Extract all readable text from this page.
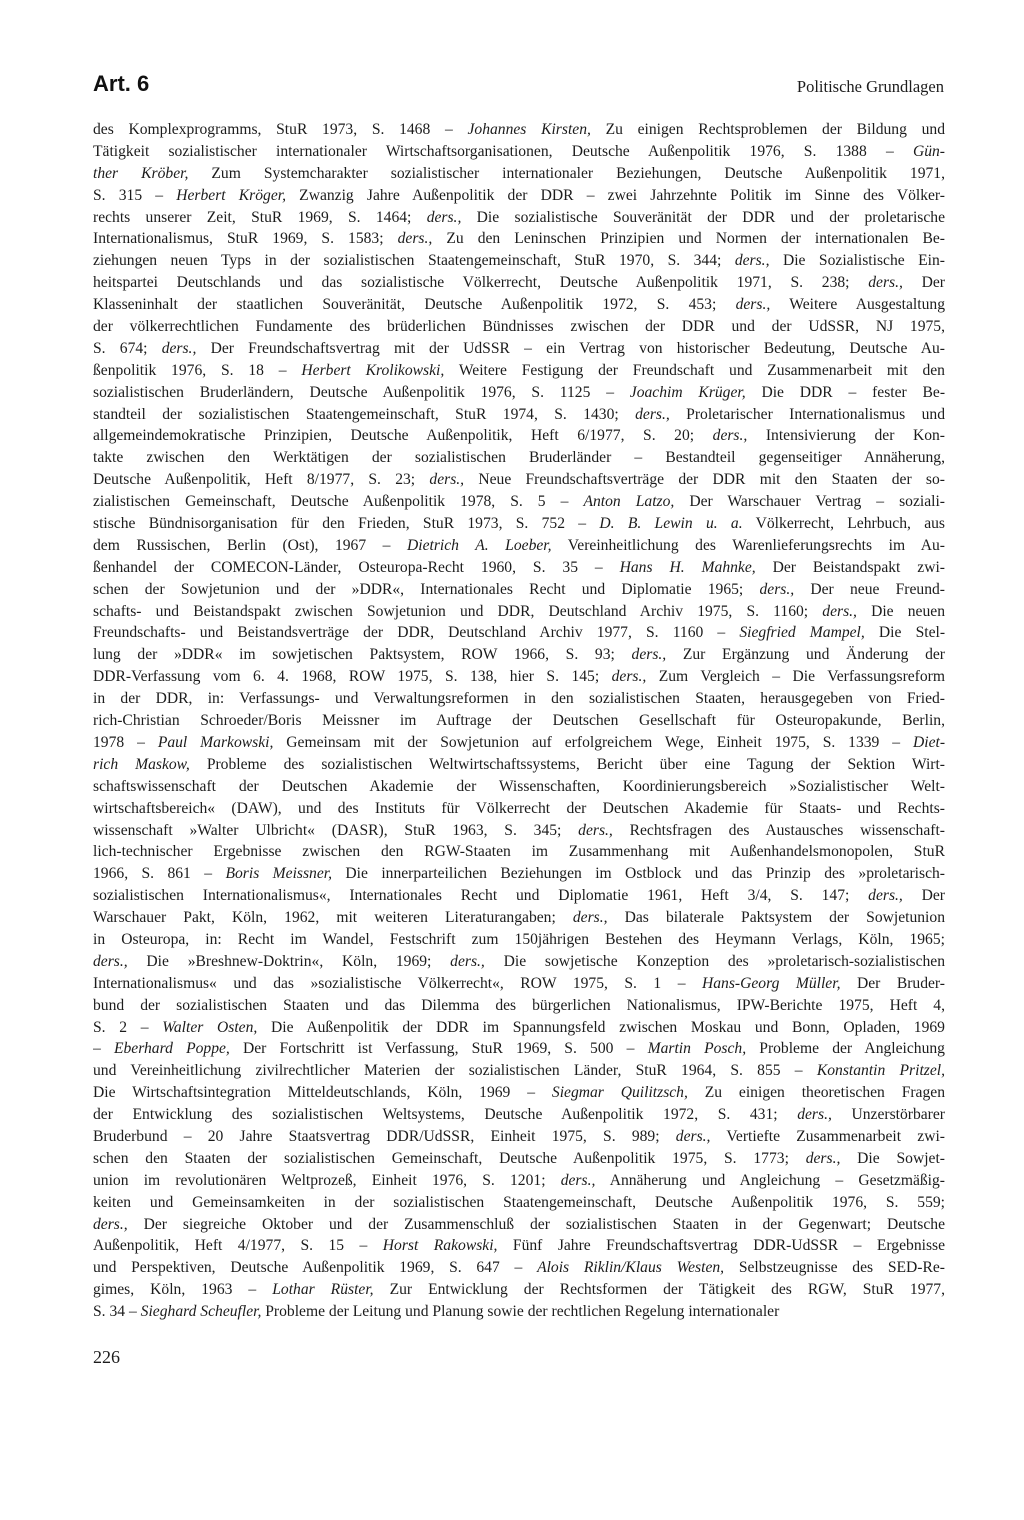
Art. 6	Politische Grundlagen
des Komplexprogramms, StuR 1973, S. 1468 – Johannes Kirsten, Zu einigen Rechtsproblemen der Bildung und
Tätigkeit sozialistischer internationaler Wirtschaftsorganisationen, Deutsche Außenpolitik 1976, S. 1388 – Gün-
ther Kröber, Zum Systemcharakter sozialistischer internationaler Beziehungen, Deutsche Außenpolitik 1971,
S. 315 – Herbert Kröger, Zwanzig Jahre Außenpolitik der DDR – zwei Jahrzehnte Politik im Sinne des Völker-
rechts unserer Zeit, StuR 1969, S. 1464; ders., Die sozialistische Souveränität der DDR und der proletarische
Internationalismus, StuR 1969, S. 1583; ders., Zu den Leninschen Prinzipien und Normen der internationalen Be-
ziehungen neuen Typs in der sozialistischen Staatengemeinschaft, StuR 1970, S. 344; ders., Die Sozialistische Ein-
heitspartei Deutschlands und das sozialistische Völkerrecht, Deutsche Außenpolitik 1971, S. 238; ders., Der
Klasseninhalt der staatlichen Souveränität, Deutsche Außenpolitik 1972, S. 453; ders., Weitere Ausgestaltung
der völkerrechtlichen Fundamente des brüderlichen Bündnisses zwischen der DDR und der UdSSR, NJ 1975,
S. 674; ders., Der Freundschaftsvertrag mit der UdSSR – ein Vertrag von historischer Bedeutung, Deutsche Au-
ßenpolitik 1976, S. 18 – Herbert Krolikowski, Weitere Festigung der Freundschaft und Zusammenarbeit mit den
sozialistischen Bruderländern, Deutsche Außenpolitik 1976, S. 1125 – Joachim Krüger, Die DDR – fester Be-
standteil der sozialistischen Staatengemeinschaft, StuR 1974, S. 1430; ders., Proletarischer Internationalismus und
allgemeindemokratische Prinzipien, Deutsche Außenpolitik, Heft 6/1977, S. 20; ders., Intensivierung der Kon-
takte zwischen den Werktätigen der sozialistischen Bruderländer – Bestandteil gegenseitiger Annäherung,
Deutsche Außenpolitik, Heft 8/1977, S. 23; ders., Neue Freundschaftsverträge der DDR mit den Staaten der so-
zialistischen Gemeinschaft, Deutsche Außenpolitik 1978, S. 5 – Anton Latzo, Der Warschauer Vertrag – soziali-
stische Bündnisorganisation für den Frieden, StuR 1973, S. 752 – D. B. Lewin u. a. Völkerrecht, Lehrbuch, aus
dem Russischen, Berlin (Ost), 1967 – Dietrich A. Loeber, Vereinheitlichung des Warenlieferungsrechts im Au-
ßenhandel der COMECON-Länder, Osteuropa-Recht 1960, S. 35 – Hans H. Mahnke, Der Beistandspakt zwi-
schen der Sowjetunion und der »DDR«, Internationales Recht und Diplomatie 1965; ders., Der neue Freund-
schafts- und Beistandspakt zwischen Sowjetunion und DDR, Deutschland Archiv 1975, S. 1160; ders., Die neuen
Freundschafts- und Beistandsverträge der DDR, Deutschland Archiv 1977, S. 1160 – Siegfried Mampel, Die Stel-
lung der »DDR« im sowjetischen Paktsystem, ROW 1966, S. 93; ders., Zur Ergänzung und Änderung der
DDR-Verfassung vom 6. 4. 1968, ROW 1975, S. 138, hier S. 145; ders., Zum Vergleich – Die Verfassungsreform
in der DDR, in: Verfassungs- und Verwaltungsreformen in den sozialistischen Staaten, herausgegeben von Fried-
rich-Christian Schroeder/Boris Meissner im Auftrage der Deutschen Gesellschaft für Osteuropakunde, Berlin,
1978 – Paul Markowski, Gemeinsam mit der Sowjetunion auf erfolgreichem Wege, Einheit 1975, S. 1339 – Diet-
rich Maskow, Probleme des sozialistischen Weltwirtschaftssystems, Bericht über eine Tagung der Sektion Wirt-
schaftswissenschaft der Deutschen Akademie der Wissenschaften, Koordinierungsbereich »Sozialistischer Welt-
wirtschaftsbereich« (DAW), und des Instituts für Völkerrecht der Deutschen Akademie für Staats- und Rechts-
wissenschaft »Walter Ulbricht« (DASR), StuR 1963, S. 345; ders., Rechtsfragen des Austausches wissenschaft-
lich-technischer Ergebnisse zwischen den RGW-Staaten im Zusammenhang mit Außenhandelsmonopolen, StuR
1966, S. 861 – Boris Meissner, Die innerparteilichen Beziehungen im Ostblock und das Prinzip des »proletarisch-
sozialistischen Internationalismus«, Internationales Recht und Diplomatie 1961, Heft 3/4, S. 147; ders., Der
Warschauer Pakt, Köln, 1962, mit weiteren Literaturangaben; ders., Das bilaterale Paktsystem der Sowjetunion
in Osteuropa, in: Recht im Wandel, Festschrift zum 150jährigen Bestehen des Heymann Verlags, Köln, 1965;
ders., Die »Breshnew-Doktrin«, Köln, 1969; ders., Die sowjetische Konzeption des »proletarisch-sozialistischen
Internationalismus« und das »sozialistische Völkerrecht«, ROW 1975, S. 1 – Hans-Georg Müller, Der Bruder-
bund der sozialistischen Staaten und das Dilemma des bürgerlichen Nationalismus, IPW-Berichte 1975, Heft 4,
S. 2 – Walter Osten, Die Außenpolitik der DDR im Spannungsfeld zwischen Moskau und Bonn, Opladen, 1969
– Eberhard Poppe, Der Fortschritt ist Verfassung, StuR 1969, S. 500 – Martin Posch, Probleme der Angleichung
und Vereinheitlichung zivilrechtlicher Materien der sozialistischen Länder, StuR 1964, S. 855 – Konstantin Pritzel,
Die Wirtschaftsintegration Mitteldeutschlands, Köln, 1969 – Siegmar Quilitzsch, Zu einigen theoretischen Fragen
der Entwicklung des sozialistischen Weltsystems, Deutsche Außenpolitik 1972, S. 431; ders., Unzerstörbarer
Bruderbund – 20 Jahre Staatsvertrag DDR/UdSSR, Einheit 1975, S. 989; ders., Vertiefte Zusammenarbeit zwi-
schen den Staaten der sozialistischen Gemeinschaft, Deutsche Außenpolitik 1975, S. 1773; ders., Die Sowjet-
union im revolutionären Weltprozeß, Einheit 1976, S. 1201; ders., Annäherung und Angleichung – Gesetzmäßig-
keiten und Gemeinsamkeiten in der sozialistischen Staatengemeinschaft, Deutsche Außenpolitik 1976, S. 559;
ders., Der siegreiche Oktober und der Zusammenschluß der sozialistischen Staaten in der Gegenwart; Deutsche
Außenpolitik, Heft 4/1977, S. 15 – Horst Rakowski, Fünf Jahre Freundschaftsvertrag DDR-UdSSR – Ergebnisse
und Perspektiven, Deutsche Außenpolitik 1969, S. 647 – Alois Riklin/Klaus Westen, Selbstzeugnisse des SED-Re-
gimes, Köln, 1963 – Lothar Rüster, Zur Entwicklung der Rechtsformen der Tätigkeit des RGW, StuR 1977,
S. 34 – Sieghard Scheufler, Probleme der Leitung und Planung sowie der rechtlichen Regelung internationaler
226
